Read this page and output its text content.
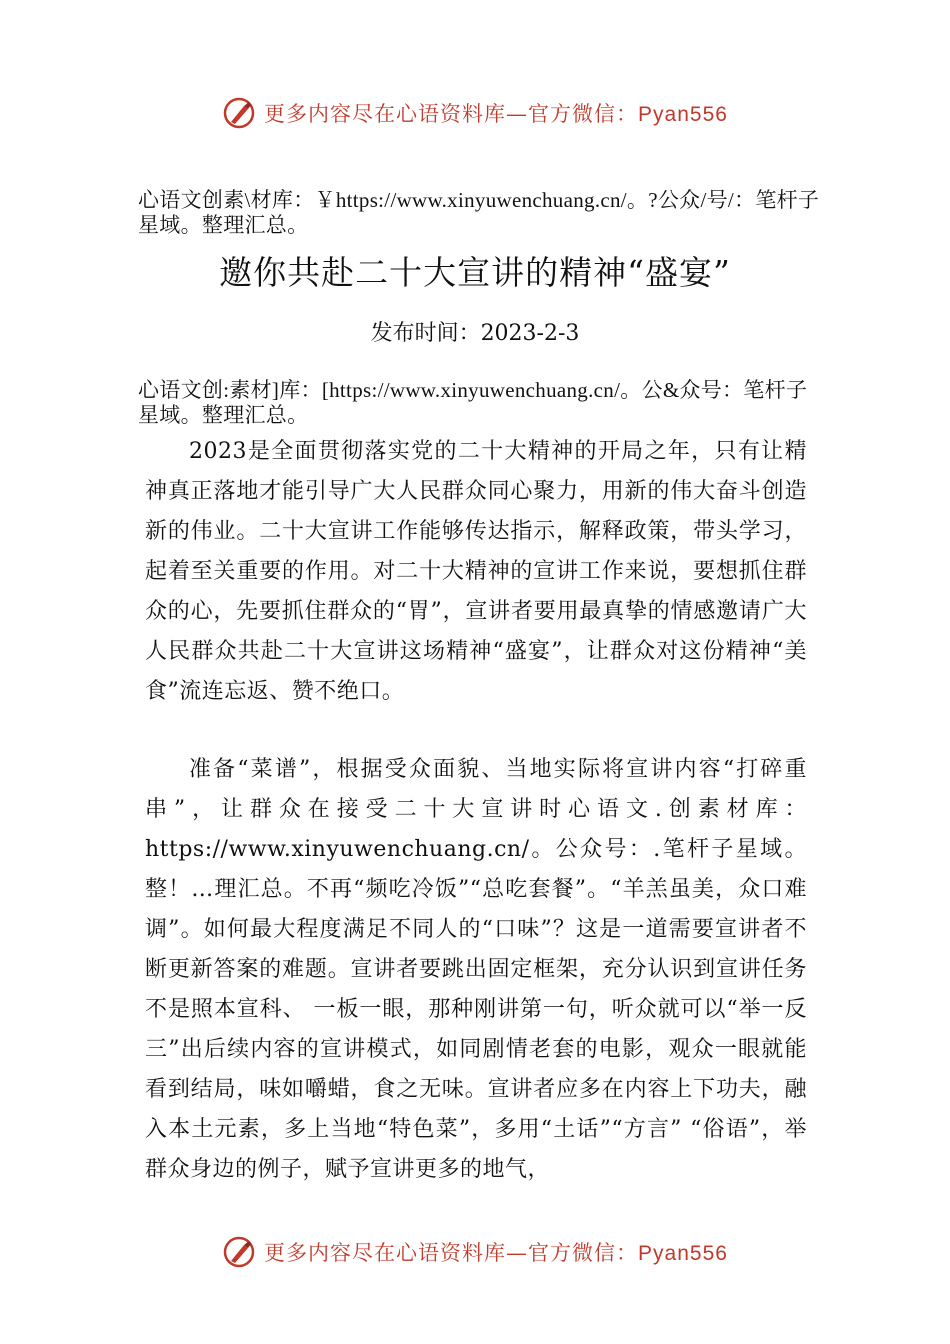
更多内容尽在心语资料库—官方微信：Pyan556
心语文创素\材库：￥https://www.xinyuwenchuang.cn/。?公众/号/：笔杆子星域。整理汇总。
邀你共赴二十大宣讲的精神“盛宴”
发布时间：2023-2-3
心语文创:素材]库：[https://www.xinyuwenchuang.cn/。公&众号：笔杆子星域。整理汇总。
2023是全面贯彻落实党的二十大精神的开局之年，只有让精神真正落地才能引导广大人民群众同心聚力，用新的伟大奋斗创造新的伟业。二十大宣讲工作能够传达指示，解释政策，带头学习，起着至关重要的作用。对二十大精神的宣讲工作来说，要想抓住群众的心，先要抓住群众的“胃”，宣讲者要用最真挚的情感邀请广大人民群众共赴二十大宣讲这场精神“盛宴”，让群众对这份精神“美食”流连忘返、赞不绝口。
准备“菜谱”，根据受众面貌、当地实际将宣讲内容“打碎重串”，让群众在接受二十大宣讲时心语文.创素材库：https://www.xinyuwenchuang.cn/。公众号：.笔杆子星域。整！…理汇总。不再“频吃冷饭”“总吃套餐”。“羊羔虽美，众口难调”。如何最大程度满足不同人的“口味”？这是一道需要宣讲者不断更新答案的难题。宣讲者要跳出固定框架，充分认识到宣讲任务不是照本宣科、 一板一眼，那种刚讲第一句，听众就可以“举一反三”出后续内容的宣讲模式，如同剧情老套的电影，观众一眼就能看到结局，味如嚼蜡，食之无味。宣讲者应多在内容上下功夫，融入本土元素，多上当地“特色菜”，多用“土话”“方言” “俗语”，举群众身边的例子，赋予宣讲更多的地气，
更多内容尽在心语资料库—官方微信：Pyan556
